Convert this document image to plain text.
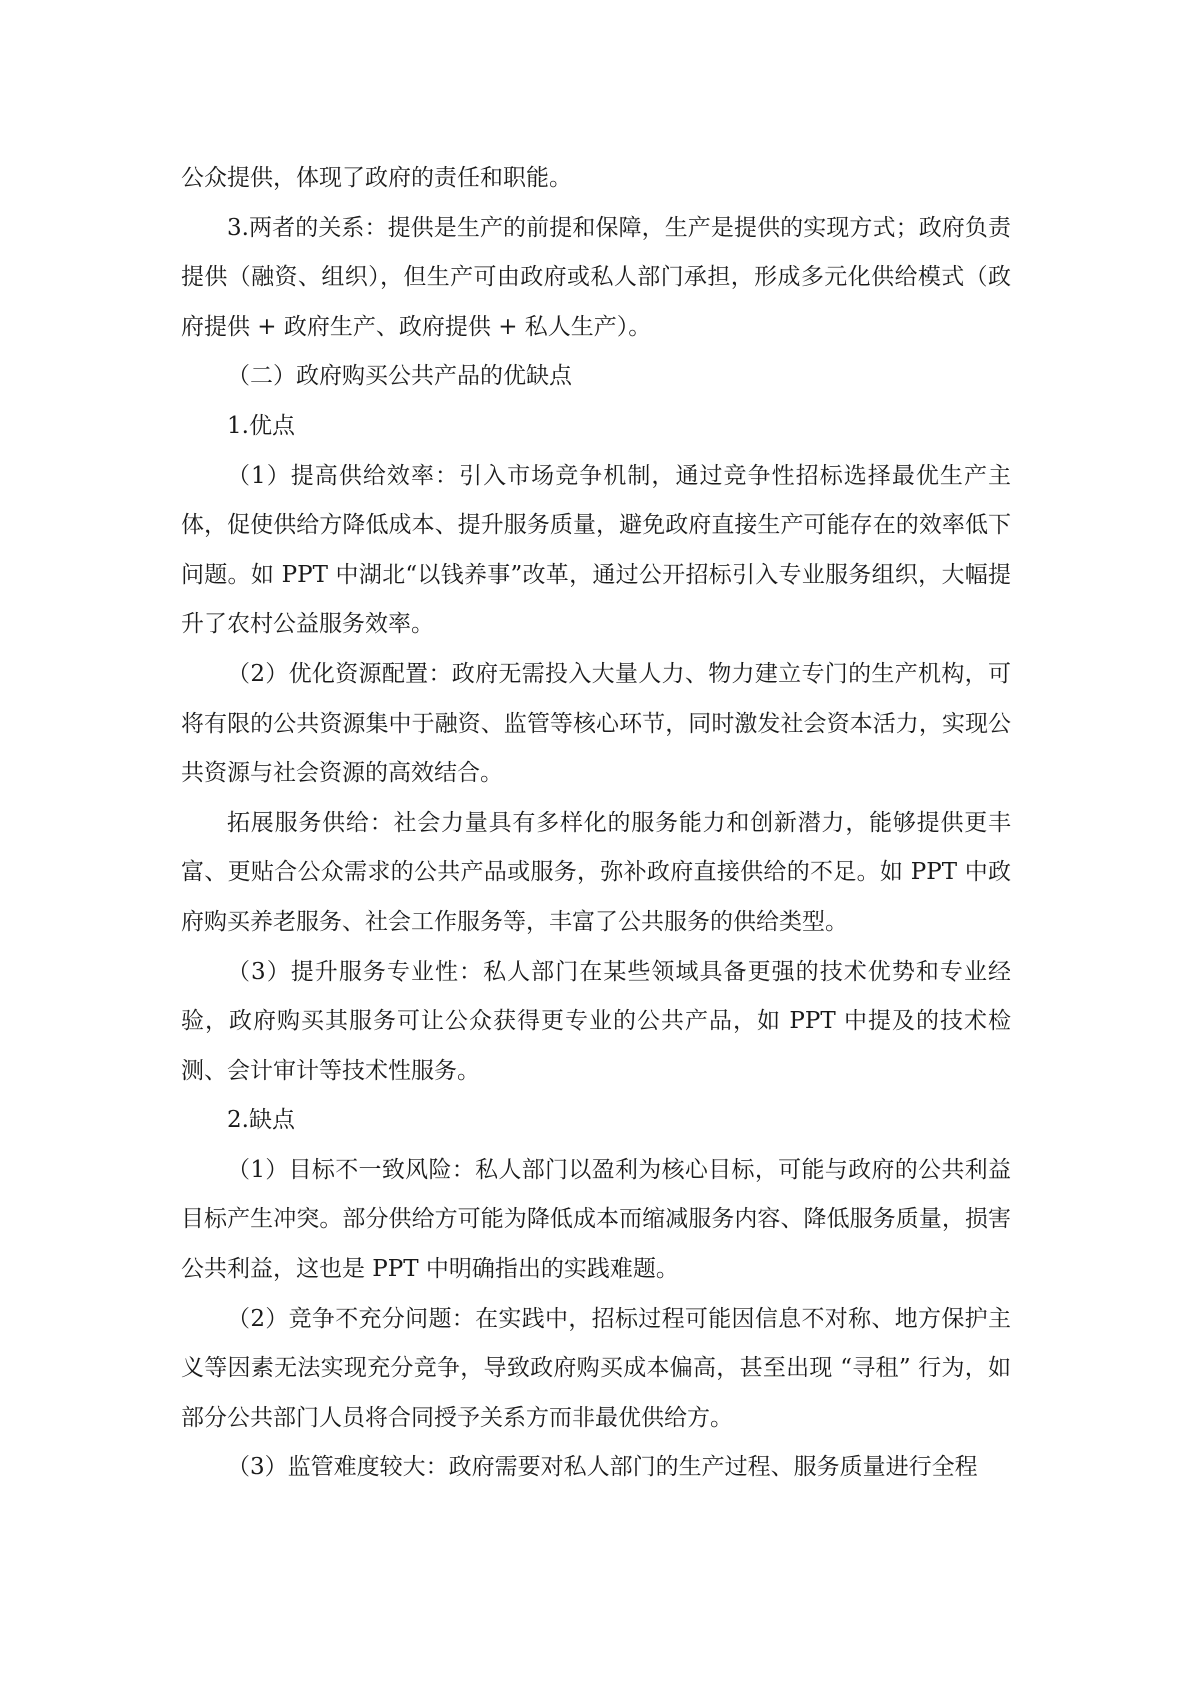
公众提供，体现了政府的责任和职能。

3.两者的关系：提供是生产的前提和保障，生产是提供的实现方式；政府负责提供（融资、组织），但生产可由政府或私人部门承担，形成多元化供给模式（政府提供 + 政府生产、政府提供 + 私人生产）。

（二）政府购买公共产品的优缺点

1.优点

（1）提高供给效率：引入市场竞争机制，通过竞争性招标选择最优生产主体，促使供给方降低成本、提升服务质量，避免政府直接生产可能存在的效率低下问题。如 PPT 中湖北“以钱养事”改革，通过公开招标引入专业服务组织，大幅提升了农村公益服务效率。

（2）优化资源配置：政府无需投入大量人力、物力建立专门的生产机构，可将有限的公共资源集中于融资、监管等核心环节，同时激发社会资本活力，实现公共资源与社会资源的高效结合。

拓展服务供给：社会力量具有多样化的服务能力和创新潜力，能够提供更丰富、更贴合公众需求的公共产品或服务，弥补政府直接供给的不足。如 PPT 中政府购买养老服务、社会工作服务等，丰富了公共服务的供给类型。

（3）提升服务专业性：私人部门在某些领域具备更强的技术优势和专业经验，政府购买其服务可让公众获得更专业的公共产品，如 PPT 中提及的技术检测、会计审计等技术性服务。

2.缺点

（1）目标不一致风险：私人部门以盈利为核心目标，可能与政府的公共利益目标产生冲突。部分供给方可能为降低成本而缩减服务内容、降低服务质量，损害公共利益，这也是 PPT 中明确指出的实践难题。

（2）竞争不充分问题：在实践中，招标过程可能因信息不对称、地方保护主义等因素无法实现充分竞争，导致政府购买成本偏高，甚至出现 “寻租” 行为，如部分公共部门人员将合同授予关系方而非最优供给方。

（3）监管难度较大：政府需要对私人部门的生产过程、服务质量进行全程
